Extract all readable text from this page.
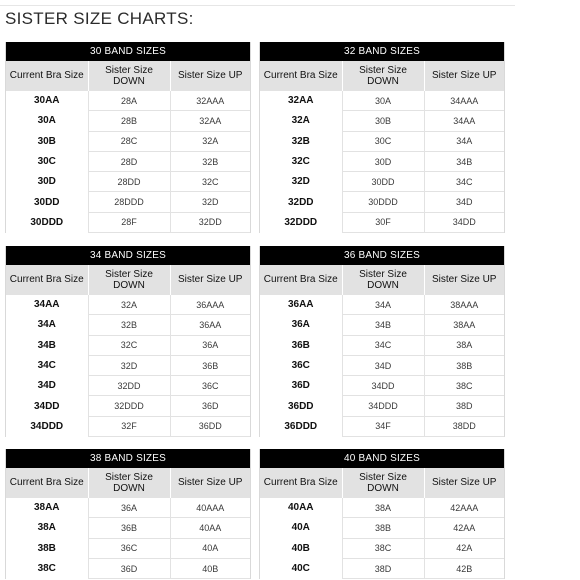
SISTER SIZE CHARTS:
30 BAND SIZES
Current Bra Size	Sister Size DOWN	Sister Size UP
30AA	28A	32AAA
30A	28B	32AA
30B	28C	32A
30C	28D	32B
30D	28DD	32C
30DD	28DDD	32D
30DDD	28F	32DD
32 BAND SIZES
Current Bra Size	Sister Size DOWN	Sister Size UP
32AA	30A	34AAA
32A	30B	34AA
32B	30C	34A
32C	30D	34B
32D	30DD	34C
32DD	30DDD	34D
32DDD	30F	34DD
34 BAND SIZES
Current Bra Size	Sister Size DOWN	Sister Size UP
34AA	32A	36AAA
34A	32B	36AA
34B	32C	36A
34C	32D	36B
34D	32DD	36C
34DD	32DDD	36D
34DDD	32F	36DD
36 BAND SIZES
Current Bra Size	Sister Size DOWN	Sister Size UP
36AA	34A	38AAA
36A	34B	38AA
36B	34C	38A
36C	34D	38B
36D	34DD	38C
36DD	34DDD	38D
36DDD	34F	38DD
38 BAND SIZES
Current Bra Size	Sister Size DOWN	Sister Size UP
38AA	36A	40AAA
38A	36B	40AA
38B	36C	40A
38C	36D	40B
40 BAND SIZES
Current Bra Size	Sister Size DOWN	Sister Size UP
40AA	38A	42AAA
40A	38B	42AA
40B	38C	42A
40C	38D	42B
